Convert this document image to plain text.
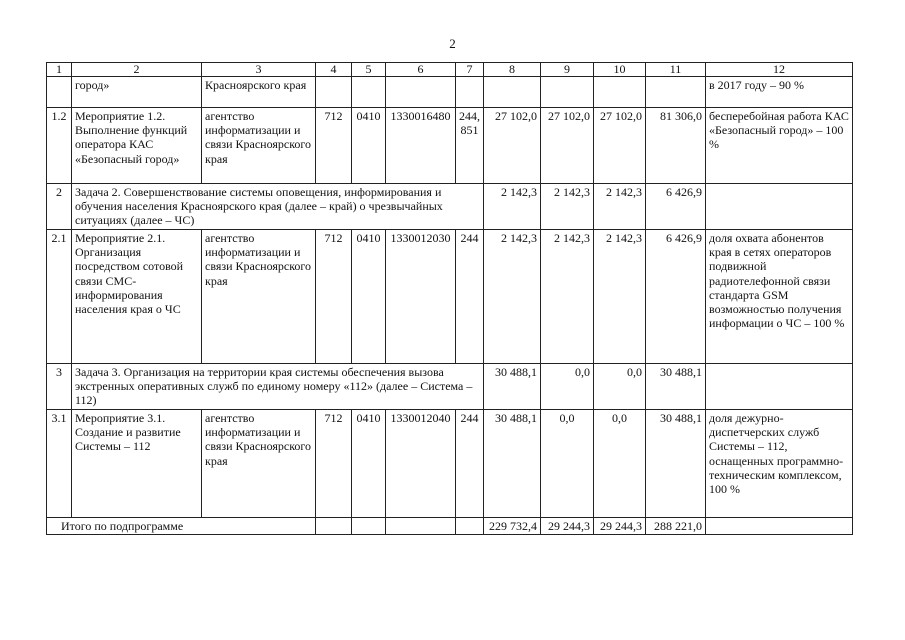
2
1	2	3	4	5	6	7	8	9	10	11	12
	город»	Красноярского края									в 2017 году – 90 %
1.2	Мероприятие 1.2. Выполнение функций оператора КАС «Безопасный город»	агентство информатизации и связи Красноярского края	712	0410	1330016480	244, 851	27 102,0	27 102,0	27 102,0	81 306,0	бесперебойная работа КАС «Безопасный город» – 100 %
2	Задача 2. Совершенствование системы оповещения, информирования и обучения населения Красноярского края (далее – край) о чрезвычайных ситуациях (далее – ЧС)						2 142,3	2 142,3	2 142,3	6 426,9	
2.1	Мероприятие 2.1. Организация посредством сотовой связи СМС-информирования населения края о ЧС	агентство информатизации и связи Красноярского края	712	0410	1330012030	244	2 142,3	2 142,3	2 142,3	6 426,9	доля охвата абонентов края в сетях операторов подвижной радиотелефонной связи стандарта GSM возможностью получения информации о ЧС – 100 %
3	Задача 3. Организация на территории края системы обеспечения вызова экстренных оперативных служб по единому номеру «112» (далее – Система – 112)						30 488,1	0,0	0,0	30 488,1	
3.1	Мероприятие 3.1. Создание и развитие Системы – 112	агентство информатизации и связи Красноярского края	712	0410	1330012040	244	30 488,1	0,0	0,0	30 488,1	доля дежурно-диспетчерских служб Системы – 112, оснащенных программно-техническим комплексом, 100 %
Итого по подпрограмме							229 732,4	29 244,3	29 244,3	288 221,0	
